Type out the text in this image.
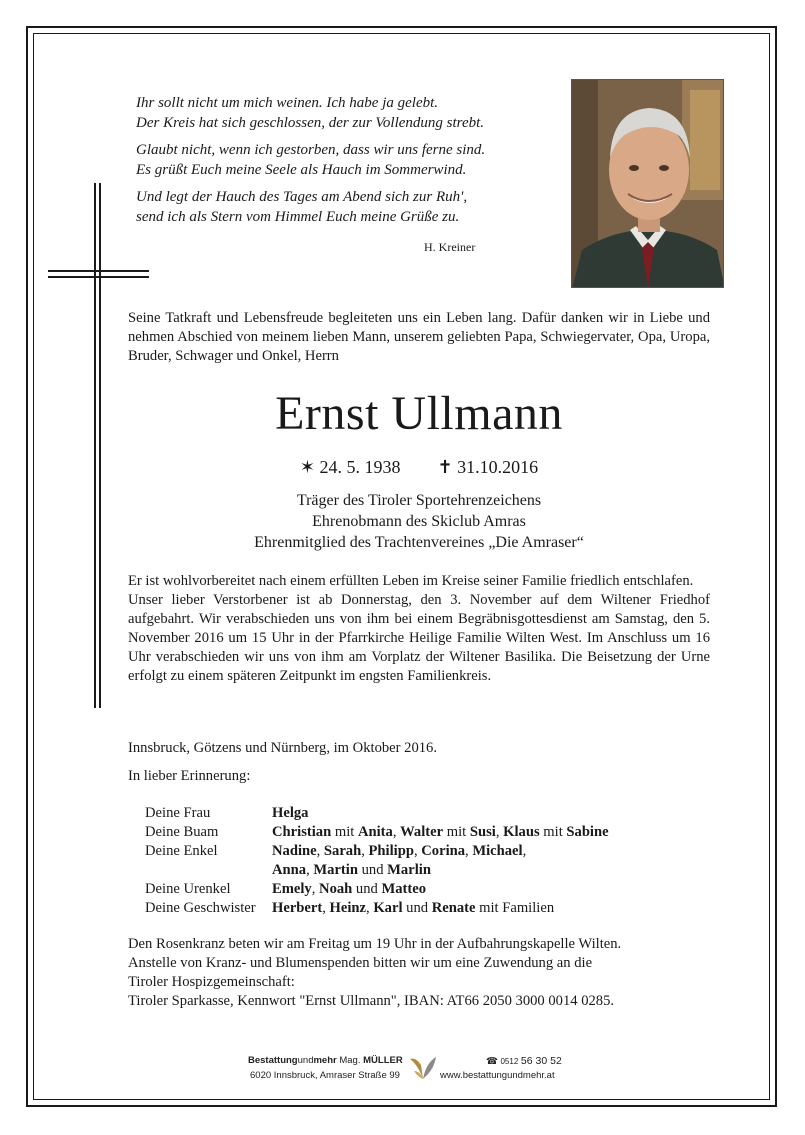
Ihr sollt nicht um mich weinen. Ich habe ja gelebt.
Der Kreis hat sich geschlossen, der zur Vollendung strebt.
Glaubt nicht, wenn ich gestorben, dass wir uns ferne sind.
Es grüßt Euch meine Seele als Hauch im Sommerwind.
Und legt der Hauch des Tages am Abend sich zur Ruh',
send ich als Stern vom Himmel Euch meine Grüße zu.
H. Kreiner
Seine Tatkraft und Lebensfreude begleiteten uns ein Leben lang. Dafür danken wir in Liebe und nehmen Abschied von meinem lieben Mann, unserem geliebten Papa, Schwiegervater, Opa, Uropa, Bruder, Schwager und Onkel, Herrn
Ernst Ullmann
✶ 24. 5. 1938 ✝ 31.10.2016
Träger des Tiroler Sportehrenzeichens
Ehrenobmann des Skiclub Amras
Ehrenmitglied des Trachtenvereines „Die Amraser“
Er ist wohlvorbereitet nach einem erfüllten Leben im Kreise seiner Familie friedlich entschlafen.
Unser lieber Verstorbener ist ab Donnerstag, den 3. November auf dem Wiltener Friedhof aufgebahrt. Wir verabschieden uns von ihm bei einem Begräbnisgottesdienst am Samstag, den 5. November 2016 um 15 Uhr in der Pfarrkirche Heilige Familie Wilten West. Im Anschluss um 16 Uhr verabschieden wir uns von ihm am Vorplatz der Wiltener Basilika. Die Beisetzung der Urne erfolgt zu einem späteren Zeitpunkt im engsten Familienkreis.
Innsbruck, Götzens und Nürnberg, im Oktober 2016.
In lieber Erinnerung:
Deine Frau	Helga
Deine Buam	Christian mit Anita, Walter mit Susi, Klaus mit Sabine
Deine Enkel	Nadine, Sarah, Philipp, Corina, Michael,
Anna, Martin und Marlin
Deine Urenkel	Emely, Noah und Matteo
Deine Geschwister	Herbert, Heinz, Karl und Renate mit Familien
Den Rosenkranz beten wir am Freitag um 19 Uhr in der Aufbahrungskapelle Wilten.
Anstelle von Kranz- und Blumenspenden bitten wir um eine Zuwendung an die
Tiroler Hospizgemeinschaft:
Tiroler Sparkasse, Kennwort "Ernst Ullmann", IBAN: AT66 2050 3000 0014 0285.
Bestattungundmehr Mag. MÜLLER
6020 Innsbruck, Amraser Straße 99
☎ 0512 56 30 52
www.bestattungundmehr.at
